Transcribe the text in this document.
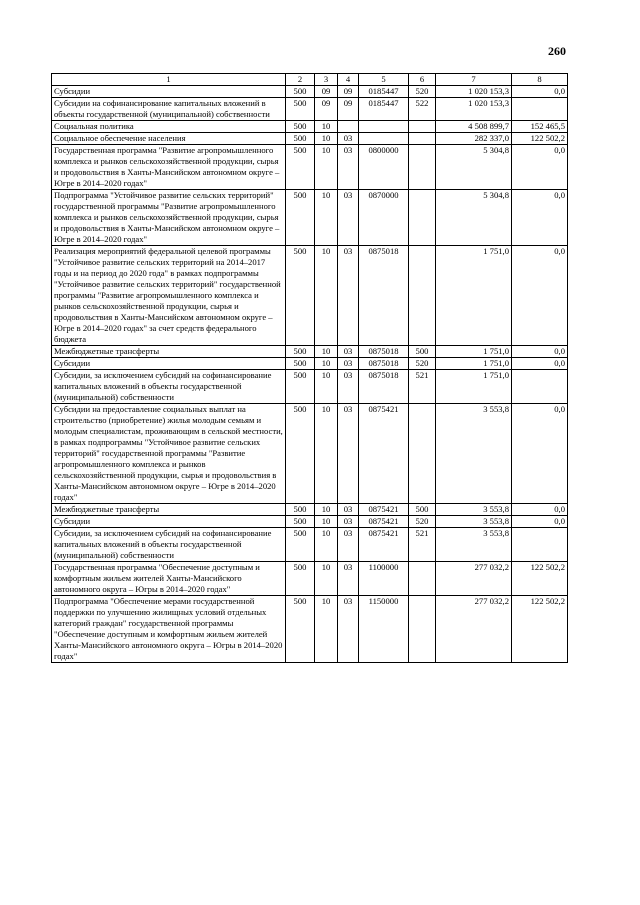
260
1	2	3	4	5	6	7	8
Субсидии	500	09	09	0185447	520	1 020 153,3	0,0
Субсидии на софинансирование капитальных вложений в объекты государственной (муниципальной) собственности	500	09	09	0185447	522	1 020 153,3	
Социальная политика	500	10				4 508 899,7	152 465,5
Социальное обеспечение населения	500	10	03			282 337,0	122 502,2
Государственная программа "Развитие агропромышленного комплекса и рынков сельскохозяйственной продукции, сырья и продовольствия в Ханты-Мансийском автономном округе – Югре в 2014–2020 годах"	500	10	03	0800000		5 304,8	0,0
Подпрограмма "Устойчивое развитие сельских территорий" государственной программы "Развитие агропромышленного комплекса и рынков сельскохозяйственной продукции, сырья и продовольствия в Ханты-Мансийском автономном округе – Югре в 2014–2020 годах"	500	10	03	0870000		5 304,8	0,0
Реализация мероприятий федеральной целевой программы "Устойчивое развитие сельских территорий на 2014–2017 годы и на период до 2020 года" в рамках подпрограммы "Устойчивое развитие сельских территорий" государственной программы "Развитие агропромышленного комплекса и рынков сельскохозяйственной продукции, сырья и продовольствия в Ханты-Мансийском автономном округе – Югре в 2014–2020 годах" за счет средств федерального бюджета	500	10	03	0875018		1 751,0	0,0
Межбюджетные трансферты	500	10	03	0875018	500	1 751,0	0,0
Субсидии	500	10	03	0875018	520	1 751,0	0,0
Субсидии, за исключением субсидий на софинансирование капитальных вложений в объекты государственной (муниципальной) собственности	500	10	03	0875018	521	1 751,0	
Субсидии на предоставление социальных выплат на строительство (приобретение) жилья молодым семьям и молодым специалистам, проживающим в сельской местности, в рамках подпрограммы "Устойчивое развитие сельских территорий" государственной программы "Развитие агропромышленного комплекса и рынков сельскохозяйственной продукции, сырья и продовольствия в Ханты-Мансийском автономном округе – Югре в 2014–2020 годах"	500	10	03	0875421		3 553,8	0,0
Межбюджетные трансферты	500	10	03	0875421	500	3 553,8	0,0
Субсидии	500	10	03	0875421	520	3 553,8	0,0
Субсидии, за исключением субсидий на софинансирование капитальных вложений в объекты государственной (муниципальной) собственности	500	10	03	0875421	521	3 553,8	
Государственная программа "Обеспечение доступным и комфортным жильем жителей Ханты-Мансийского автономного округа – Югры в 2014–2020 годах"	500	10	03	1100000		277 032,2	122 502,2
Подпрограмма "Обеспечение мерами государственной поддержки по улучшению жилищных условий отдельных категорий граждан" государственной программы "Обеспечение доступным и комфортным жильем жителей Ханты-Мансийского автономного округа – Югры в 2014–2020 годах"	500	10	03	1150000		277 032,2	122 502,2
